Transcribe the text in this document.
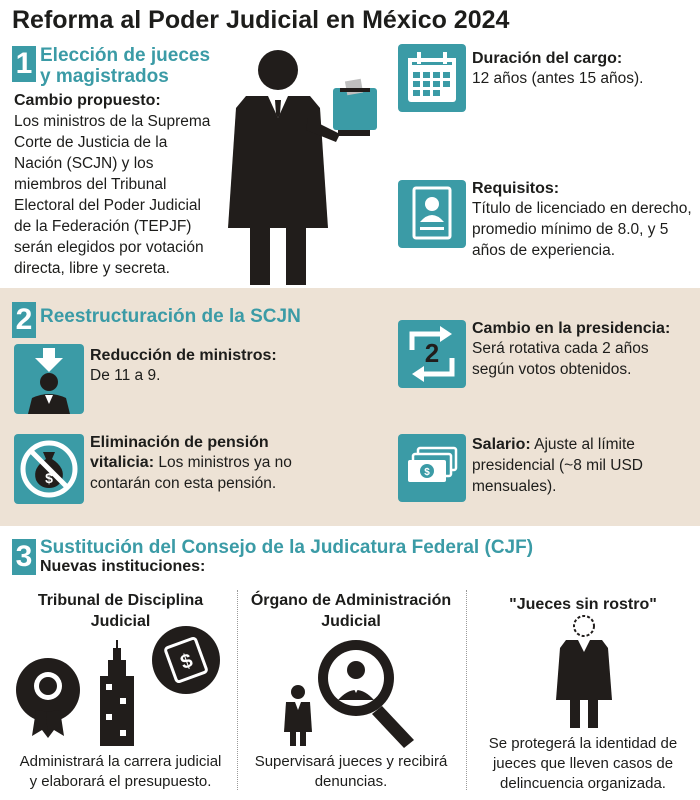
Reforma al Poder Judicial en México 2024
1 Elección de jueces
y magistrados
Cambio propuesto:
Los ministros de la Suprema
Corte de Justicia de la
Nación (SCJN) y los
miembros del Tribunal
Electoral del Poder Judicial
de la Federación (TEPJF)
serán elegidos por votación
directa, libre y secreta.
Duración del cargo:
12 años (antes 15 años).
Requisitos:
Título de licenciado en derecho,
promedio mínimo de 8.0, y 5
años de experiencia.
2 Reestructuración de la SCJN
Reducción de ministros:
De 11 a 9.
2
Cambio en la presidencia:
Será rotativa cada 2 años
según votos obtenidos.
$
Eliminación de pensión
vitalicia: Los ministros ya no
contarán con esta pensión.
$
Salario: Ajuste al límite
presidencial (~8 mil USD
mensuales).
3 Sustitución del Consejo de la Judicatura Federal (CJF)
Nuevas instituciones:
Tribunal de Disciplina
Judicial
$
Administrará la carrera judicial
y elaborará el presupuesto.
Órgano de Administración
Judicial
Supervisará jueces y recibirá
denuncias.
"Jueces sin rostro"
Se protegerá la identidad de
jueces que lleven casos de
delincuencia organizada.
